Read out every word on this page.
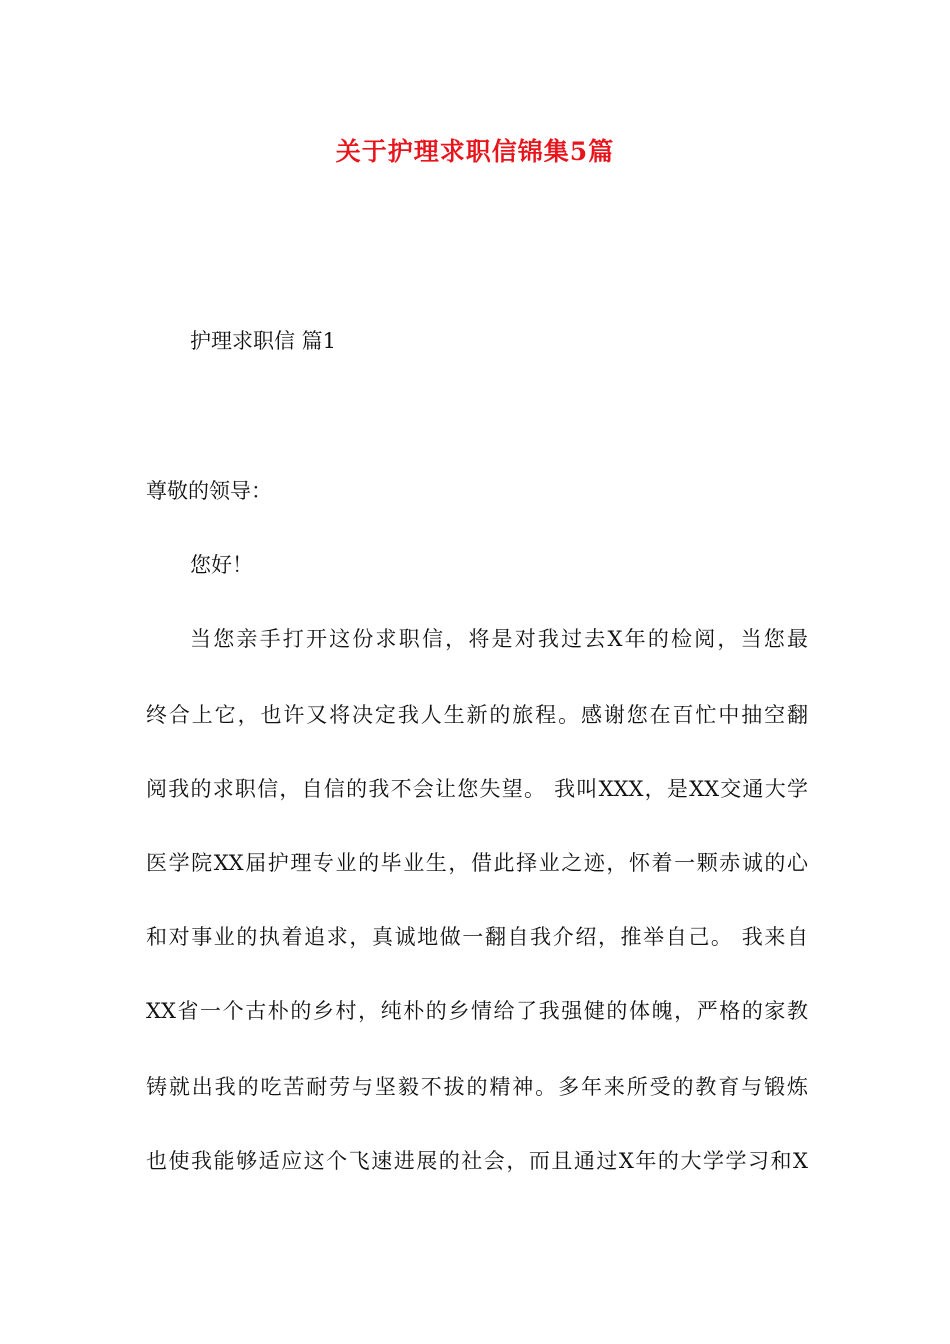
关于护理求职信锦集5篇

护理求职信 篇1

尊敬的领导：

您好！

当您亲手打开这份求职信，将是对我过去X年的检阅，当您最

终合上它，也许又将决定我人生新的旅程。感谢您在百忙中抽空翻

阅我的求职信，自信的我不会让您失望。 我叫XXX，是XX交通大学

医学院XX届护理专业的毕业生，借此择业之迹，怀着一颗赤诚的心

和对事业的执着追求，真诚地做一翻自我介绍，推举自己。 我来自

XX省一个古朴的乡村，纯朴的乡情给了我强健的体魄，严格的家教

铸就出我的吃苦耐劳与坚毅不拔的精神。多年来所受的教育与锻炼

也使我能够适应这个飞速进展的社会，而且通过X年的大学学习和X
